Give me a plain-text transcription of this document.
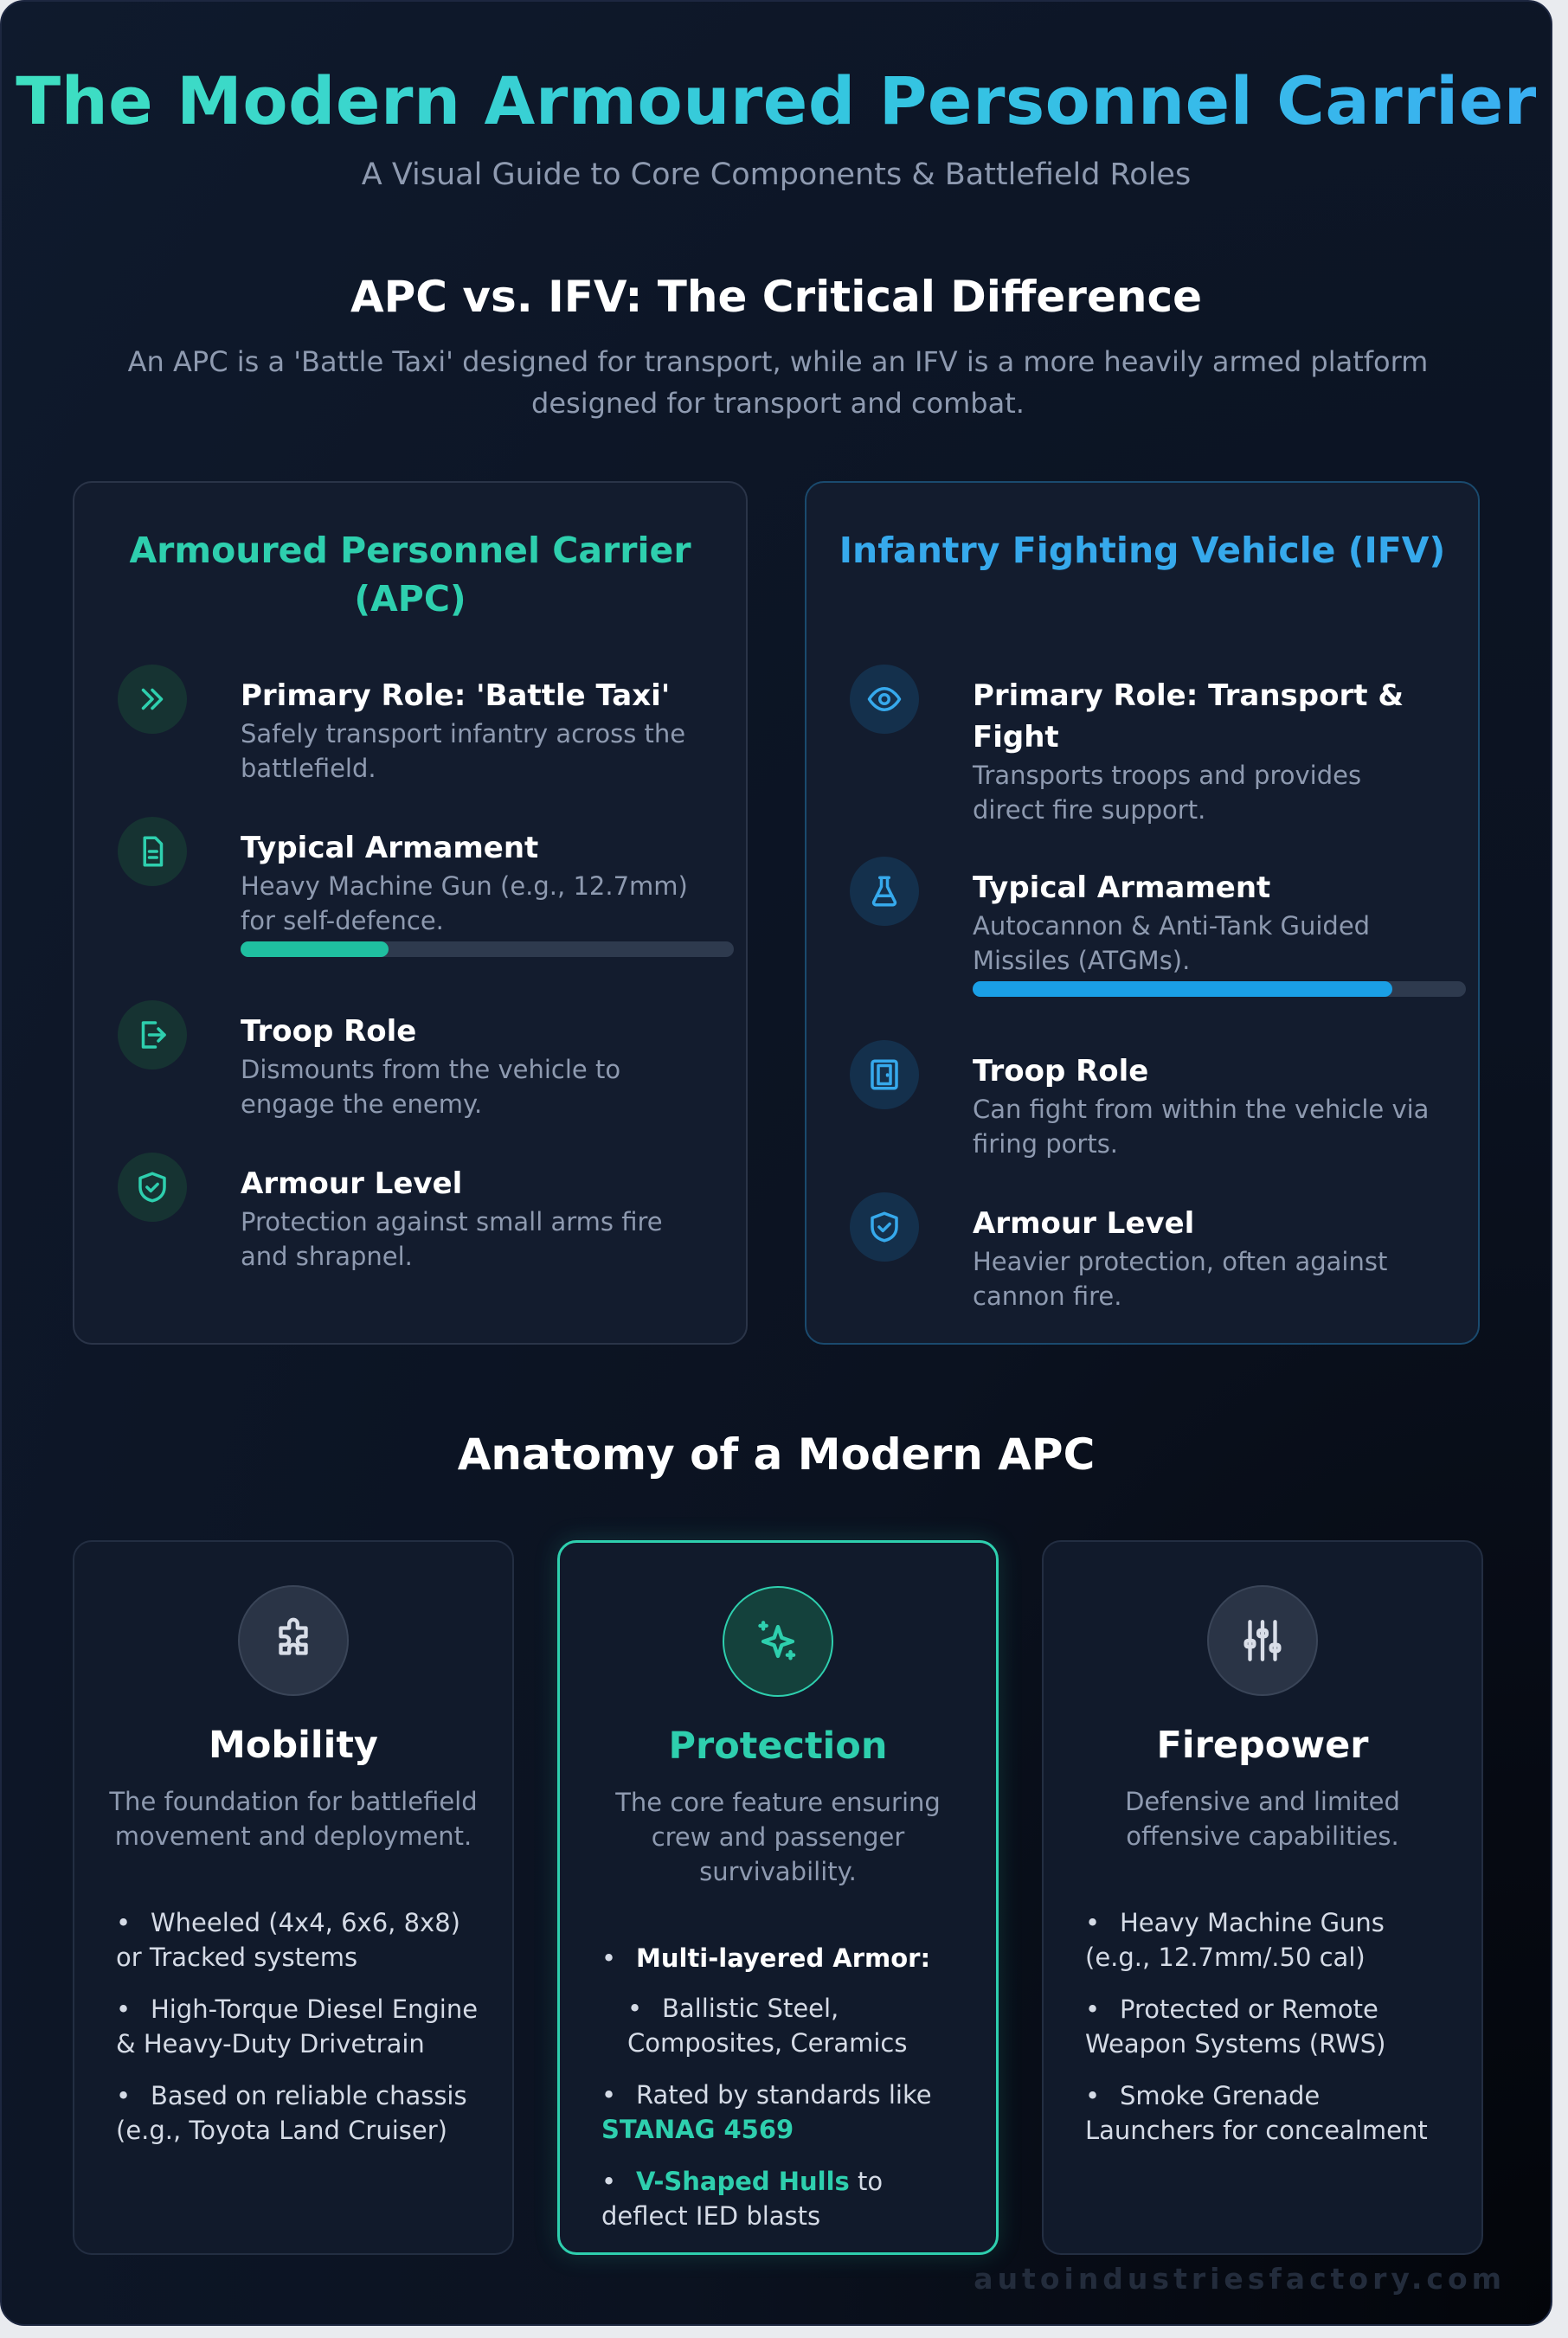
The Modern Armoured Personnel Carrier
A Visual Guide to Core Components & Battlefield Roles
APC vs. IFV: The Critical Difference
An APC is a 'Battle Taxi' designed for transport, while an IFV is a more heavily armed platform designed for transport and combat.
Armoured Personnel Carrier (APC)
Primary Role: 'Battle Taxi'
Safely transport infantry across the battlefield.
Typical Armament
Heavy Machine Gun (e.g., 12.7mm) for self-defence.
Troop Role
Dismounts from the vehicle to engage the enemy.
Armour Level
Protection against small arms fire and shrapnel.
Infantry Fighting Vehicle (IFV)
Primary Role: Transport & Fight
Transports troops and provides direct fire support.
Typical Armament
Autocannon & Anti-Tank Guided Missiles (ATGMs).
Troop Role
Can fight from within the vehicle via firing ports.
Armour Level
Heavier protection, often against cannon fire.
Anatomy of a Modern APC
Mobility
The foundation for battlefield movement and deployment.
• Wheeled (4x4, 6x6, 8x8) or Tracked systems
• High-Torque Diesel Engine & Heavy-Duty Drivetrain
• Based on reliable chassis (e.g., Toyota Land Cruiser)
Protection
The core feature ensuring crew and passenger survivability.
• Multi-layered Armor:
• Ballistic Steel, Composites, Ceramics
• Rated by standards like STANAG 4569
• V-Shaped Hulls to deflect IED blasts
Firepower
Defensive and limited offensive capabilities.
• Heavy Machine Guns (e.g., 12.7mm/.50 cal)
• Protected or Remote Weapon Systems (RWS)
• Smoke Grenade Launchers for concealment
autoindustriesfactory.com
